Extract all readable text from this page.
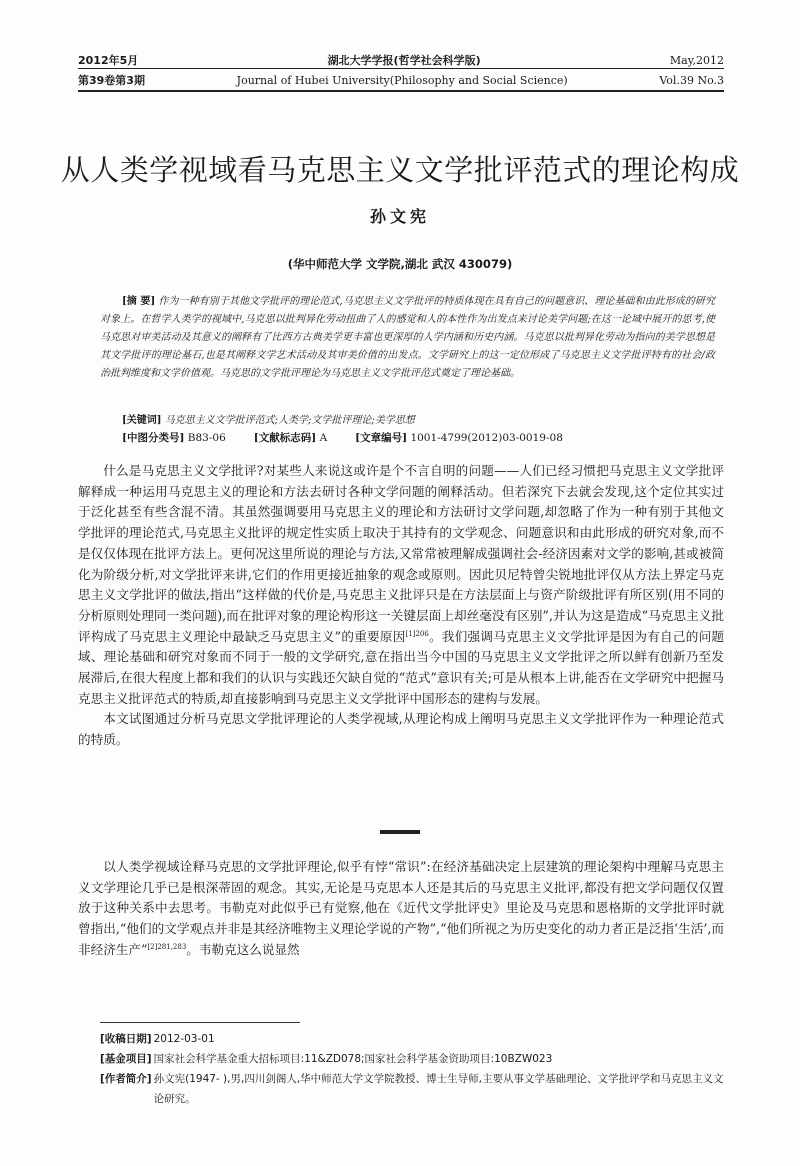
2012年5月	湖北大学学报(哲学社会科学版)	May,2012
第39卷第3期	Journal of Hubei University(Philosophy and Social Science)	Vol.39 No.3
从人类学视域看马克思主义文学批评范式的理论构成
孙文宪
(华中师范大学 文学院,湖北 武汉 430079)
[摘 要] 作为一种有别于其他文学批评的理论范式,马克思主义文学批评的特质体现在具有自己的问题意识、理论基础和由此形成的研究对象上。在哲学人类学的视域中,马克思以批判异化劳动扭曲了人的感觉和人的本性作为出发点来讨论美学问题;在这一论域中展开的思考,使马克思对审美活动及其意义的阐释有了比西方古典美学更丰富也更深厚的人学内涵和历史内涵。马克思以批判异化劳动为指向的美学思想是其文学批评的理论基石,也是其阐释文学艺术活动及其审美价值的出发点。文学研究上的这一定位形成了马克思主义文学批评特有的社会/政治批判维度和文学价值观。马克思的文学批评理论为马克思主义文学批评范式奠定了理论基础。
[关键词] 马克思主义文学批评范式;人类学;文学批评理论;美学思想
[中图分类号] B83-06	[文献标志码] A	[文章编号] 1001-4799(2012)03-0019-08

什么是马克思主义文学批评?对某些人来说这或许是个不言自明的问题——人们已经习惯把马克思主义文学批评解释成一种运用马克思主义的理论和方法去研讨各种文学问题的阐释活动。但若深究下去就会发现,这个定位其实过于泛化甚至有些含混不清。其虽然强调要用马克思主义的理论和方法研讨文学问题,却忽略了作为一种有别于其他文学批评的理论范式,马克思主义批评的规定性实质上取决于其持有的文学观念、问题意识和由此形成的研究对象,而不是仅仅体现在批评方法上。更何况这里所说的理论与方法,又常常被理解成强调社会-经济因素对文学的影响,甚或被简化为阶级分析,对文学批评来讲,它们的作用更接近抽象的观念或原则。因此贝尼特曾尖锐地批评仅从方法上界定马克思主义文学批评的做法,指出“这样做的代价是,马克思主义批评只是在方法层面上与资产阶级批评有所区别(用不同的分析原则处理同一类问题),而在批评对象的理论构形这一关键层面上却丝毫没有区别”,并认为这是造成“马克思主义批评构成了马克思主义理论中最缺乏马克思主义”的重要原因$^{[1]206}$。我们强调马克思主义文学批评是因为有自己的问题域、理论基础和研究对象而不同于一般的文学研究,意在指出当今中国的马克思主义文学批评之所以鲜有创新乃至发展滞后,在很大程度上都和我们的认识与实践还欠缺自觉的“范式”意识有关;可是从根本上讲,能否在文学研究中把握马克思主义批评范式的特质,却直接影响到马克思主义文学批评中国形态的建构与发展。

本文试图通过分析马克思文学批评理论的人类学视域,从理论构成上阐明马克思主义文学批评作为一种理论范式的特质。

以人类学视域诠释马克思的文学批评理论,似乎有悖“常识”:在经济基础决定上层建筑的理论架构中理解马克思主义文学理论几乎已是根深蒂固的观念。其实,无论是马克思本人还是其后的马克思主义批评,都没有把文学问题仅仅置放于这种关系中去思考。韦勒克对此似乎已有觉察,他在《近代文学批评史》里论及马克思和恩格斯的文学批评时就曾指出,“他们的文学观点并非是其经济唯物主义理论学说的产物”,“他们所视之为历史变化的动力者正是泛指‘生活’,而非经济生产”$^{[2]281,283}$。韦勒克这么说显然

[收稿日期] 2012-03-01
[基金项目] 国家社会科学基金重大招标项目:11&ZD078;国家社会科学基金资助项目:10BZW023
[作者简介] 孙文宪(1947- ),男,四川剑阁人,华中师范大学文学院教授、博士生导师,主要从事文学基础理论、文学批评学和马克思主义文论研究。
